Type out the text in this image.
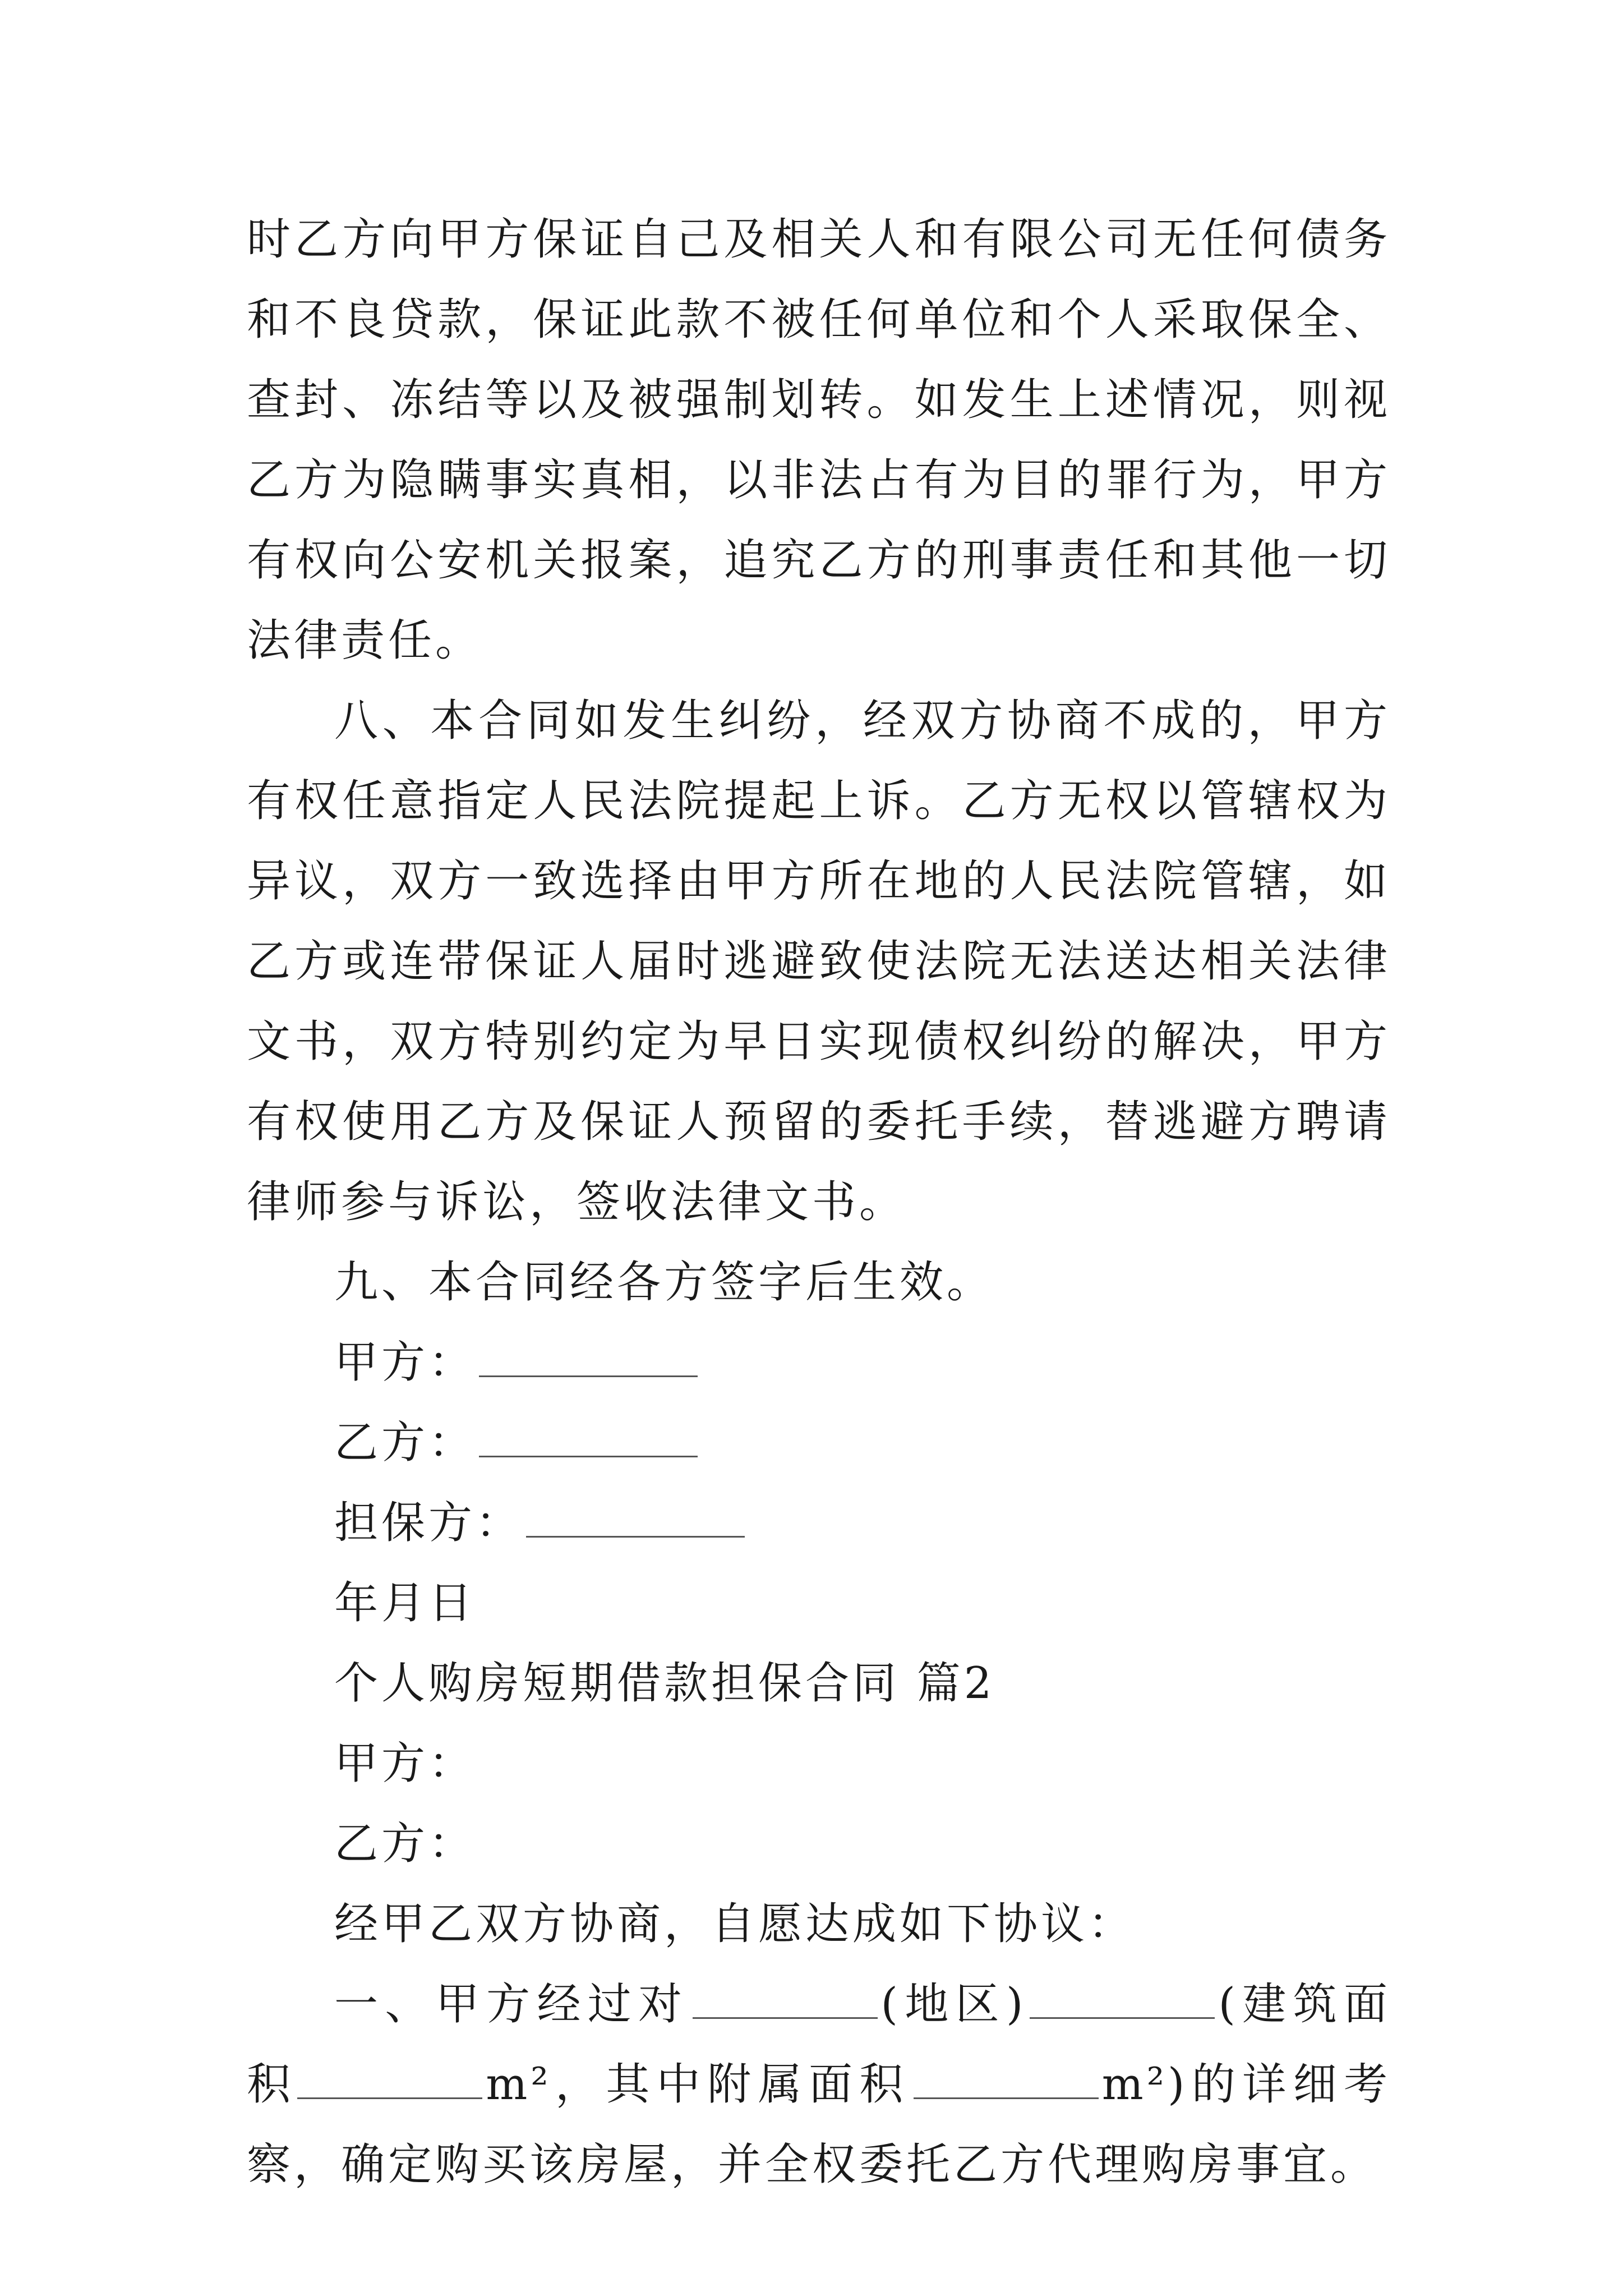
时乙方向甲方保证自己及相关人和有限公司无任何债务和不良贷款，保证此款不被任何单位和个人采取保全、查封、冻结等以及被强制划转。如发生上述情况，则视乙方为隐瞒事实真相，以非法占有为目的罪行为，甲方有权向公安机关报案，追究乙方的刑事责任和其他一切法律责任。

八、本合同如发生纠纷，经双方协商不成的，甲方有权任意指定人民法院提起上诉。乙方无权以管辖权为异议，双方一致选择由甲方所在地的人民法院管辖，如乙方或连带保证人届时逃避致使法院无法送达相关法律文书，双方特别约定为早日实现债权纠纷的解决，甲方有权使用乙方及保证人预留的委托手续，替逃避方聘请律师参与诉讼，签收法律文书。

九、本合同经各方签字后生效。

甲方：

乙方：

担保方：

年月日

个人购房短期借款担保合同 篇2

甲方：

乙方：

经甲乙双方协商，自愿达成如下协议：

一、甲方经过对	(地区)	(建筑面积	m²，其中附属面积	m²)的详细考察，确定购买该房屋，并全权委托乙方代理购房事宜。
